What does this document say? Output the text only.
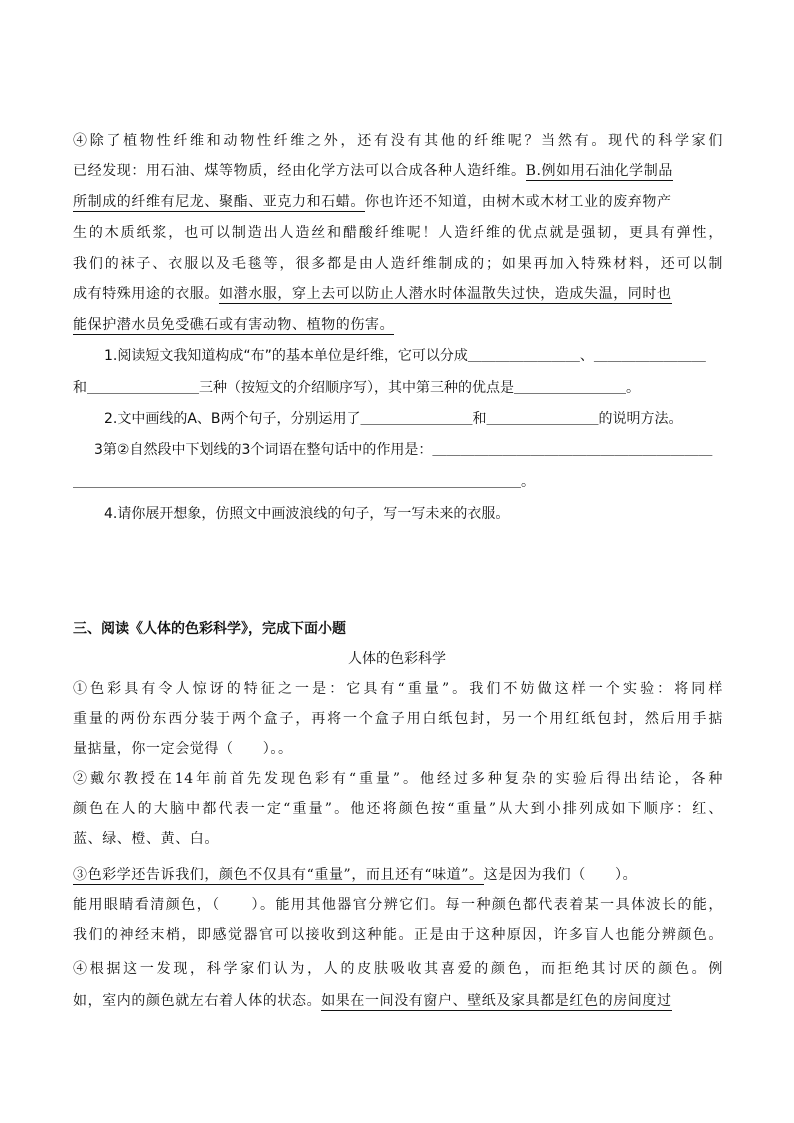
④除了植物性纤维和动物性纤维之外，还有没有其他的纤维呢？当然有。现代的科学家们
已经发现：用石油、煤等物质，经由化学方法可以合成各种人造纤维。B.例如用石油化学制品
所制成的纤维有尼龙、聚酯、亚克力和石蜡。你也许还不知道，由树木或木材工业的废弃物产
生的木质纸浆，也可以制造出人造丝和醋酸纤维呢！人造纤维的优点就是强韧，更具有弹性，
我们的袜子、衣服以及毛毯等，很多都是由人造纤维制成的；如果再加入特殊材料，还可以制
成有特殊用途的衣服。如潜水服，穿上去可以防止人潜水时体温散失过快，造成失温，同时也
能保护潜水员免受礁石或有害动物、植物的伤害。
1.阅读短文我知道构成“布”的基本单位是纤维，它可以分成＿＿＿＿＿＿＿＿、＿＿＿＿＿＿＿＿
和＿＿＿＿＿＿＿＿三种（按短文的介绍顺序写），其中第三种的优点是＿＿＿＿＿＿＿＿。
2.文中画线的A、B两个句子，分别运用了＿＿＿＿＿＿＿＿和＿＿＿＿＿＿＿＿的说明方法。
3第②自然段中下划线的3个词语在整句话中的作用是：＿＿＿＿＿＿＿＿＿＿＿＿＿＿＿＿＿＿＿＿
＿＿＿＿＿＿＿＿＿＿＿＿＿＿＿＿＿＿＿＿＿＿＿＿＿＿＿＿＿＿＿＿。
4.请你展开想象，仿照文中画波浪线的句子，写一写未来的衣服。
三、阅读《人体的色彩科学》，完成下面小题
人体的色彩科学
①色彩具有令人惊讶的特征之一是：它具有“重量”。我们不妨做这样一个实验：将同样
重量的两份东西分装于两个盒子，再将一个盒子用白纸包封，另一个用红纸包封，然后用手掂
量掂量，你一定会觉得（　　）。。
②戴尔教授在14年前首先发现色彩有“重量”。他经过多种复杂的实验后得出结论，各种
颜色在人的大脑中都代表一定“重量”。他还将颜色按“重量”从大到小排列成如下顺序：红、
蓝、绿、橙、黄、白。
③色彩学还告诉我们，颜色不仅具有“重量”，而且还有“味道”。这是因为我们（　　）。
能用眼睛看清颜色，（　　）。能用其他器官分辨它们。每一种颜色都代表着某一具体波长的能，
我们的神经末梢，即感觉器官可以接收到这种能。正是由于这种原因，许多盲人也能分辨颜色。
④根据这一发现，科学家们认为，人的皮肤吸收其喜爱的颜色，而拒绝其讨厌的颜色。例
如，室内的颜色就左右着人体的状态。如果在一间没有窗户、壁纸及家具都是红色的房间度过
